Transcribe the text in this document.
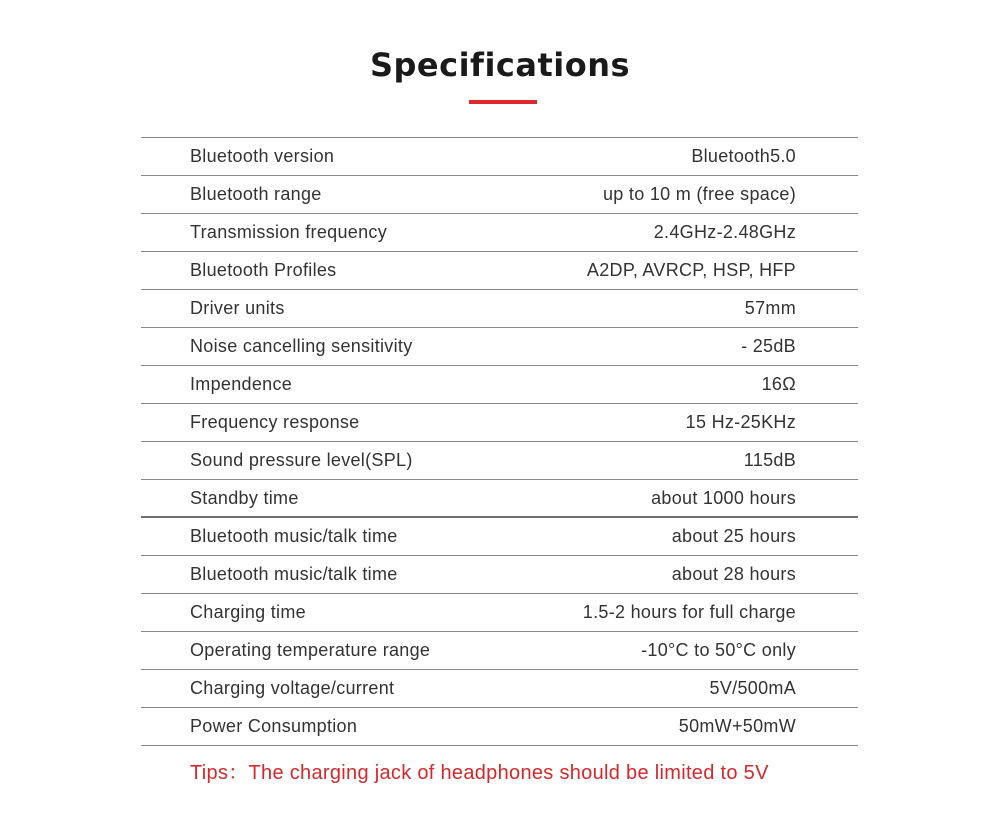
Specifications
Bluetooth version	Bluetooth5.0
Bluetooth range	up to 10 m (free space)
Transmission frequency	2.4GHz-2.48GHz
Bluetooth Profiles	A2DP, AVRCP, HSP, HFP
Driver units	57mm
Noise cancelling sensitivity	- 25dB
Impendence	16Ω
Frequency response	15 Hz-25KHz
Sound pressure level(SPL)	115dB
Standby time	about 1000 hours
Bluetooth music/talk time	about 25 hours
Bluetooth music/talk time	about 28 hours
Charging time	1.5-2 hours for full charge
Operating temperature range	-10°C to 50°C only
Charging voltage/current	5V/500mA
Power Consumption	50mW+50mW

Tips：The charging jack of headphones should be limited to 5V
